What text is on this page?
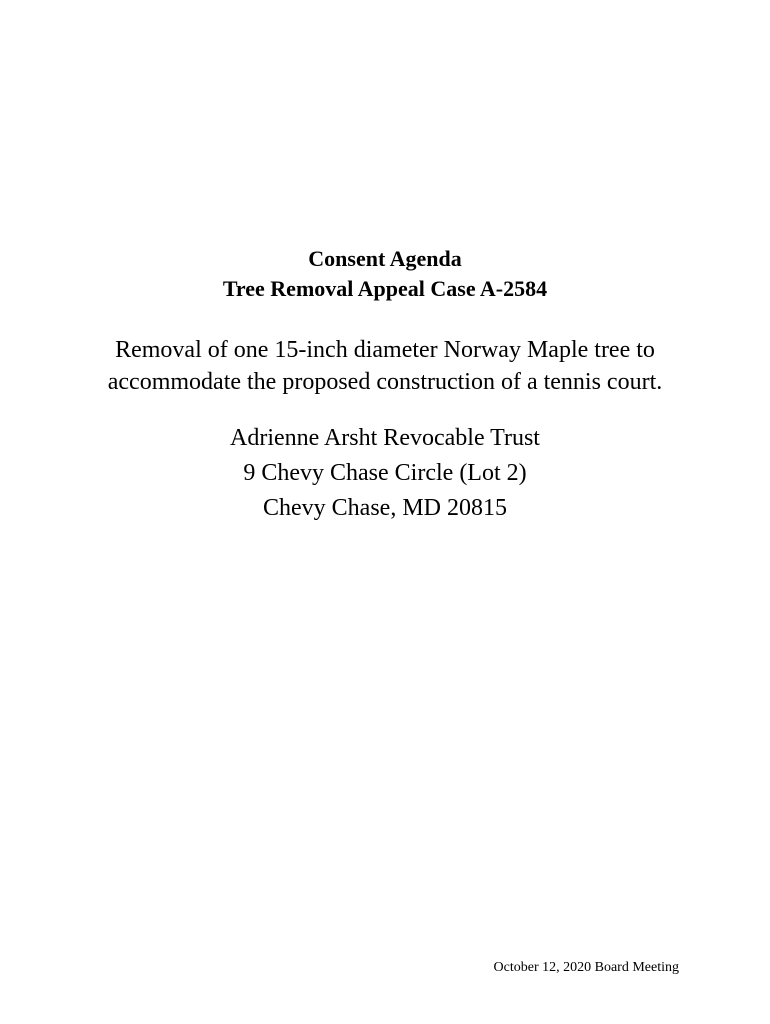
Consent Agenda
Tree Removal Appeal Case A-2584
Removal of one 15-inch diameter Norway Maple tree to
accommodate the proposed construction of a tennis court.
Adrienne Arsht Revocable Trust
9 Chevy Chase Circle (Lot 2)
Chevy Chase, MD 20815
October 12, 2020 Board Meeting
